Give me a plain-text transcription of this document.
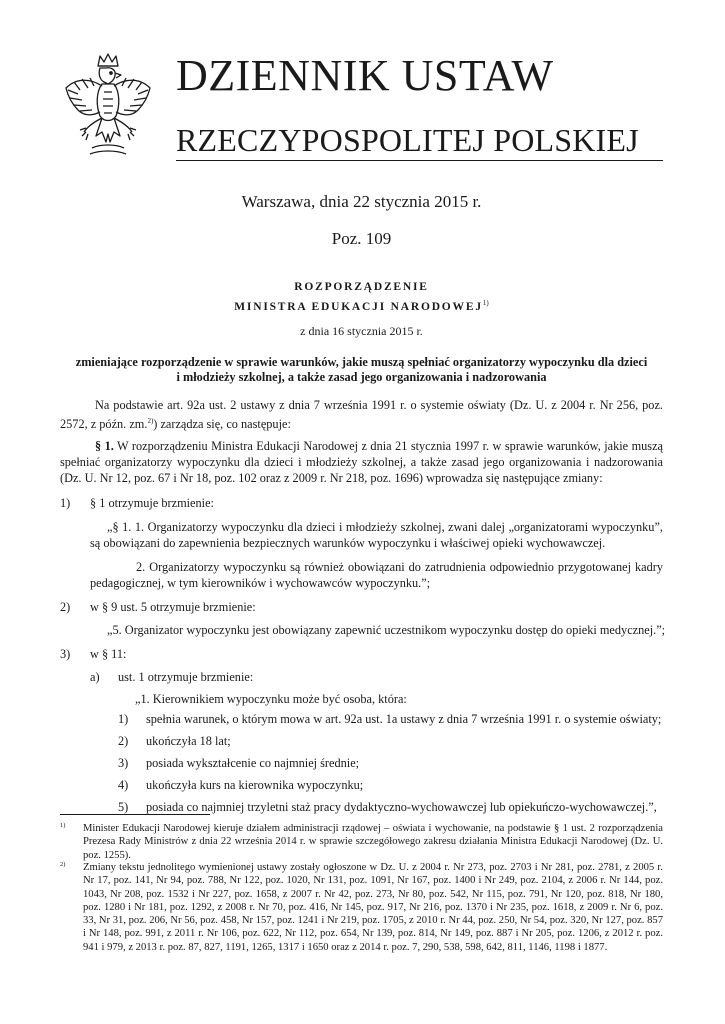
DZIENNIK USTAW
RZECZYPOSPOLITEJ POLSKIEJ
Warszawa, dnia 22 stycznia 2015 r.
Poz. 109
ROZPORZĄDZENIE
MINISTRA EDUKACJI NARODOWEJ$^{1)}$
z dnia 16 stycznia 2015 r.
zmieniające rozporządzenie w sprawie warunków, jakie muszą spełniać organizatorzy wypoczynku dla dzieci
i młodzieży szkolnej, a także zasad jego organizowania i nadzorowania
Na podstawie art. 92a ust. 2 ustawy z dnia 7 września 1991 r. o systemie oświaty (Dz. U. z 2004 r. Nr 256, poz. 2572, z późn. zm.$^{2)}$) zarządza się, co następuje:
§ 1. W rozporządzeniu Ministra Edukacji Narodowej z dnia 21 stycznia 1997 r. w sprawie warunków, jakie muszą spełniać organizatorzy wypoczynku dla dzieci i młodzieży szkolnej, a także zasad jego organizowania i nadzorowania (Dz. U. Nr 12, poz. 67 i Nr 18, poz. 102 oraz z 2009 r. Nr 218, poz. 1696) wprowadza się następujące zmiany:
1) § 1 otrzymuje brzmienie:
„§ 1. 1. Organizatorzy wypoczynku dla dzieci i młodzieży szkolnej, zwani dalej „organizatorami wypoczynku”, są obowiązani do zapewnienia bezpiecznych warunków wypoczynku i właściwej opieki wychowawczej.
2. Organizatorzy wypoczynku są również obowiązani do zatrudnienia odpowiednio przygotowanej kadry pedagogicznej, w tym kierowników i wychowawców wypoczynku.”;
2) w § 9 ust. 5 otrzymuje brzmienie:
„5. Organizator wypoczynku jest obowiązany zapewnić uczestnikom wypoczynku dostęp do opieki medycznej.”;
3) w § 11:
a) ust. 1 otrzymuje brzmienie:
„1. Kierownikiem wypoczynku może być osoba, która:
1) spełnia warunek, o którym mowa w art. 92a ust. 1a ustawy z dnia 7 września 1991 r. o systemie oświaty;
2) ukończyła 18 lat;
3) posiada wykształcenie co najmniej średnie;
4) ukończyła kurs na kierownika wypoczynku;
5) posiada co najmniej trzyletni staż pracy dydaktyczno-wychowawczej lub opiekuńczo-wychowawczej.”,
1) Minister Edukacji Narodowej kieruje działem administracji rządowej – oświata i wychowanie, na podstawie § 1 ust. 2 rozporządzenia Prezesa Rady Ministrów z dnia 22 września 2014 r. w sprawie szczegółowego zakresu działania Ministra Edukacji Narodowej (Dz. U. poz. 1255).
2) Zmiany tekstu jednolitego wymienionej ustawy zostały ogłoszone w Dz. U. z 2004 r. Nr 273, poz. 2703 i Nr 281, poz. 2781, z 2005 r. Nr 17, poz. 141, Nr 94, poz. 788, Nr 122, poz. 1020, Nr 131, poz. 1091, Nr 167, poz. 1400 i Nr 249, poz. 2104, z 2006 r. Nr 144, poz. 1043, Nr 208, poz. 1532 i Nr 227, poz. 1658, z 2007 r. Nr 42, poz. 273, Nr 80, poz. 542, Nr 115, poz. 791, Nr 120, poz. 818, Nr 180, poz. 1280 i Nr 181, poz. 1292, z 2008 r. Nr 70, poz. 416, Nr 145, poz. 917, Nr 216, poz. 1370 i Nr 235, poz. 1618, z 2009 r. Nr 6, poz. 33, Nr 31, poz. 206, Nr 56, poz. 458, Nr 157, poz. 1241 i Nr 219, poz. 1705, z 2010 r. Nr 44, poz. 250, Nr 54, poz. 320, Nr 127, poz. 857 i Nr 148, poz. 991, z 2011 r. Nr 106, poz. 622, Nr 112, poz. 654, Nr 139, poz. 814, Nr 149, poz. 887 i Nr 205, poz. 1206, z 2012 r. poz. 941 i 979, z 2013 r. poz. 87, 827, 1191, 1265, 1317 i 1650 oraz z 2014 r. poz. 7, 290, 538, 598, 642, 811, 1146, 1198 i 1877.
